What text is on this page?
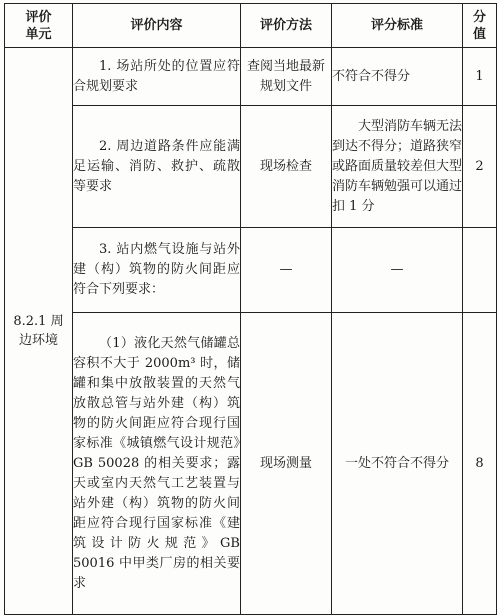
评价单元	评价内容	评价方法	评分标准	分值
8.2.1 周边环境	1. 场站所处的位置应符合规划要求	查阅当地最新规划文件	不符合不得分	1

	2. 周边道路条件应能满足运输、消防、救护、疏散等要求	现场检查	大型消防车辆无法到达不得分；道路狭窄或路面质量较差但大型消防车辆勉强可以通过扣 1 分	2

	3. 站内燃气设施与站外建（构）筑物的防火间距应符合下列要求：	—	—	

	（1）液化天然气储罐总容积不大于 2000m³ 时，储罐和集中放散装置的天然气放散总管与站外建（构）筑物的防火间距应符合现行国家标准《城镇燃气设计规范》GB 50028 的相关要求；露天或室内天然气工艺装置与站外建（构）筑物的防火间距应符合现行国家标准《建筑设计防火规范》GB 50016 中甲类厂房的相关要求	现场测量	一处不符合不得分	8
